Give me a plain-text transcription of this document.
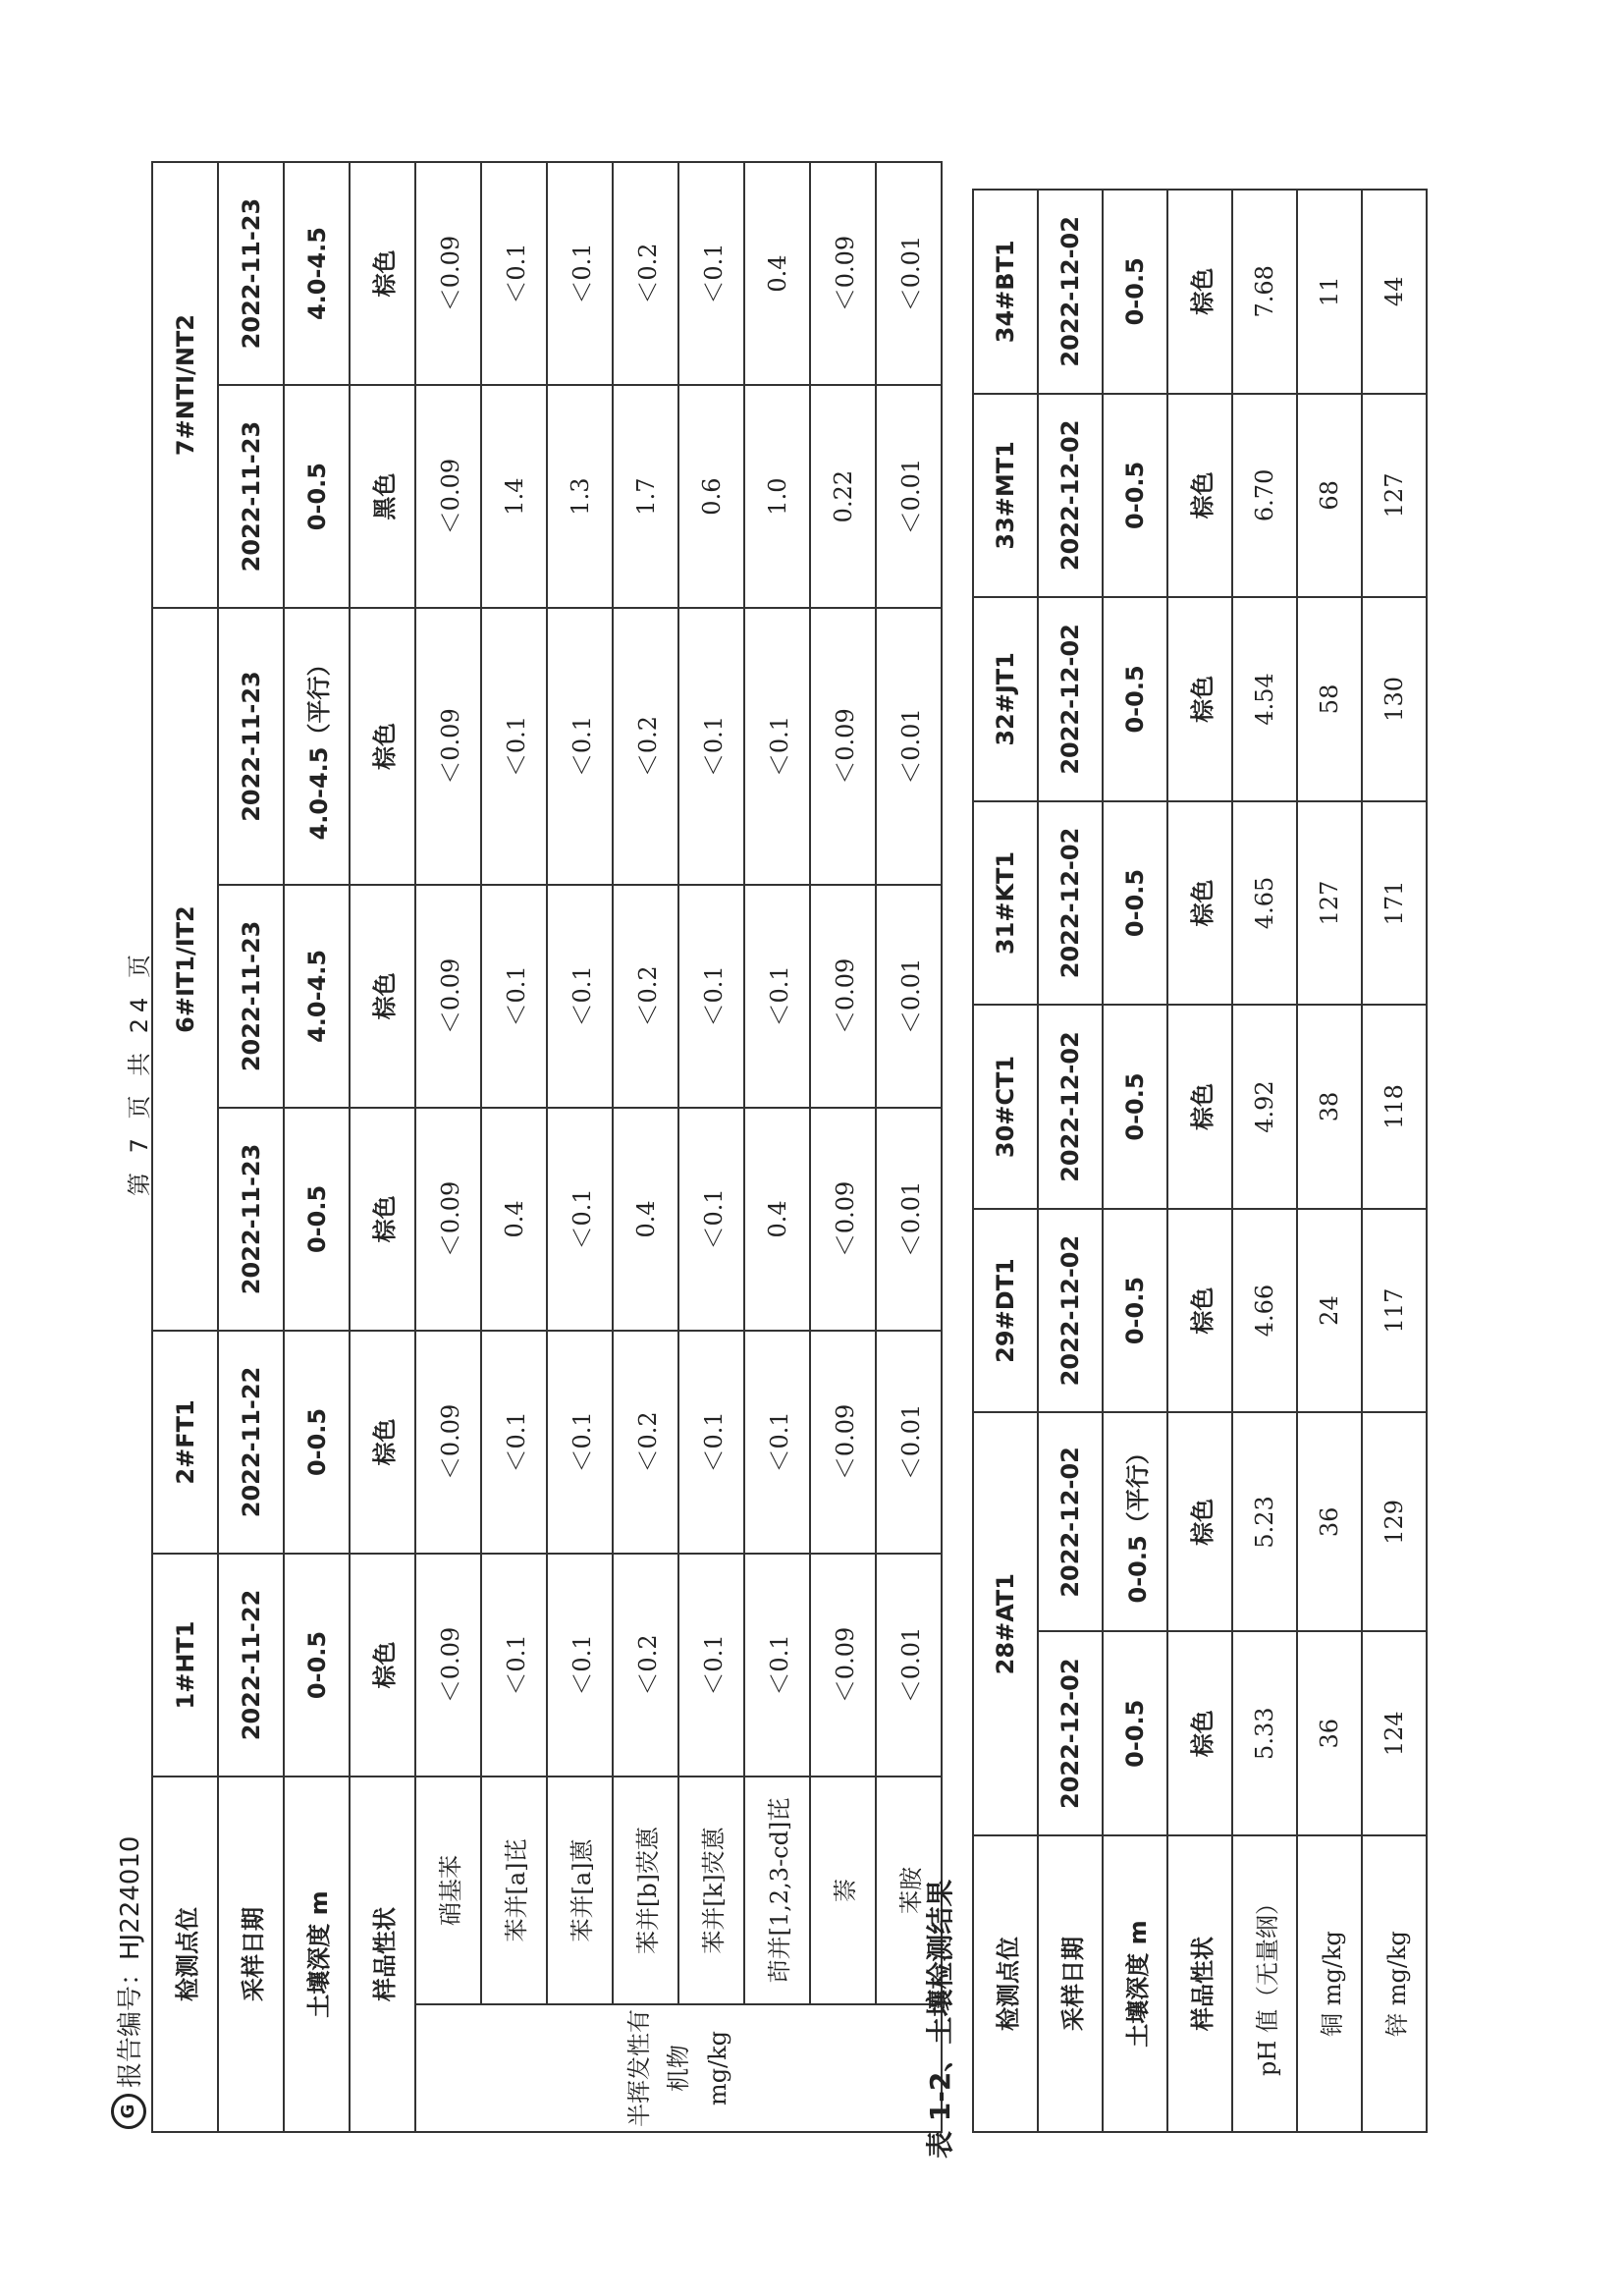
G
报告编号：HJ224010
第 7 页 共 24 页
检测点位		1#HT1	2#FT1	6#IT1/IT2			7#NTI/NT2	
采样日期		2022-11-22	2022-11-22	2022-11-23	2022-11-23	2022-11-23	2022-11-23	2022-11-23
土壤深度 m		0-0.5	0-0.5	0-0.5	4.0-4.5	4.0-4.5（平行）	0-0.5	4.0-4.5
样品性状		棕色	棕色	棕色	棕色	棕色	黑色	棕色
半挥发性有机物 mg/kg	硝基苯	＜0.09	＜0.09	＜0.09	＜0.09	＜0.09	＜0.09	＜0.09
	苯并[a]芘	＜0.1	＜0.1	0.4	＜0.1	＜0.1	1.4	＜0.1
	苯并[a]蒽	＜0.1	＜0.1	＜0.1	＜0.1	＜0.1	1.3	＜0.1
	苯并[b]荧蒽	＜0.2	＜0.2	0.4	＜0.2	＜0.2	1.7	＜0.2
	苯并[k]荧蒽	＜0.1	＜0.1	＜0.1	＜0.1	＜0.1	0.6	＜0.1
	茚并[1,2,3-cd]芘	＜0.1	＜0.1	0.4	＜0.1	＜0.1	1.0	0.4
	萘	＜0.09	＜0.09	＜0.09	＜0.09	＜0.09	0.22	＜0.09
	苯胺	＜0.01	＜0.01	＜0.01	＜0.01	＜0.01	＜0.01	＜0.01
表 1-2、土壤检测结果 检测点位	28#AT1		29#DT1	30#CT1	31#KT1	32#JT1	33#MT1	34#BT1
采样日期	2022-12-02	2022-12-02	2022-12-02	2022-12-02	2022-12-02	2022-12-02	2022-12-02	2022-12-02
土壤深度 m	0-0.5	0-0.5（平行）	0-0.5	0-0.5	0-0.5	0-0.5	0-0.5	0-0.5
样品性状	棕色	棕色	棕色	棕色	棕色	棕色	棕色	棕色
pH 值（无量纲）	5.33	5.23	4.66	4.92	4.65	4.54	6.70	7.68
铜 mg/kg	36	36	24	38	127	58	68	11
锌 mg/kg	124	129	117	118	171	130	127	44
